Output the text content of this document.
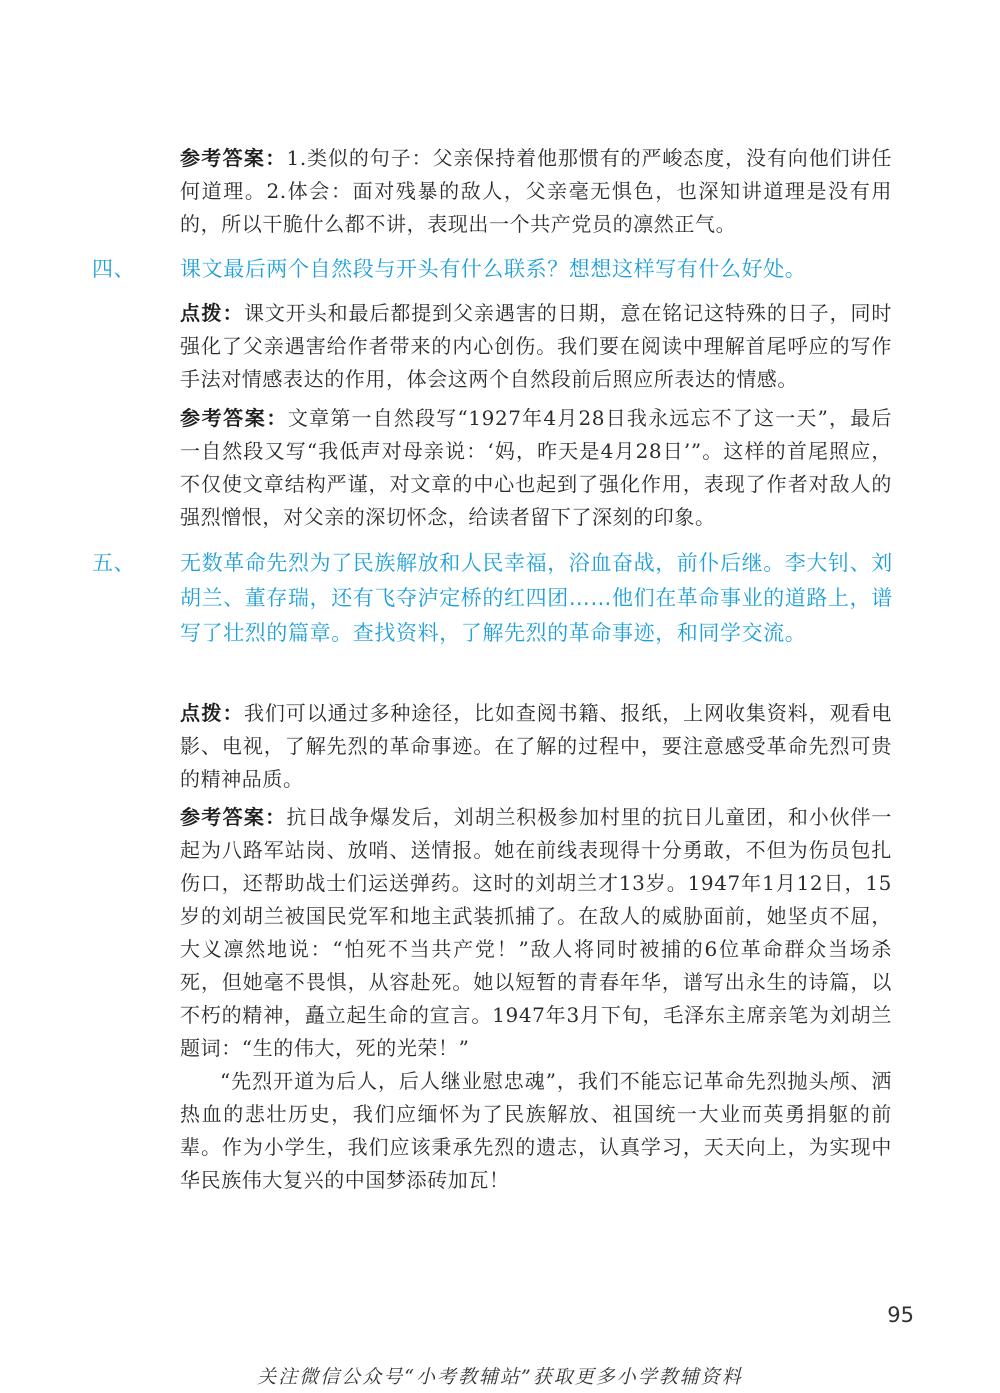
参考答案：1.类似的句子：父亲保持着他那惯有的严峻态度，没有向他们讲任何道理。2.体会：面对残暴的敌人，父亲毫无惧色，也深知讲道理是没有用的，所以干脆什么都不讲，表现出一个共产党员的凛然正气。
四、 课文最后两个自然段与开头有什么联系？想想这样写有什么好处。
点拨：课文开头和最后都提到父亲遇害的日期，意在铭记这特殊的日子，同时强化了父亲遇害给作者带来的内心创伤。我们要在阅读中理解首尾呼应的写作手法对情感表达的作用，体会这两个自然段前后照应所表达的情感。
参考答案：文章第一自然段写“1927年4月28日我永远忘不了这一天”，最后一自然段又写“我低声对母亲说：‘妈，昨天是4月28日’”。这样的首尾照应，不仅使文章结构严谨，对文章的中心也起到了强化作用，表现了作者对敌人的强烈憎恨，对父亲的深切怀念，给读者留下了深刻的印象。
五、 无数革命先烈为了民族解放和人民幸福，浴血奋战，前仆后继。李大钊、刘胡兰、董存瑞，还有飞夺泸定桥的红四团……他们在革命事业的道路上，谱写了壮烈的篇章。查找资料，了解先烈的革命事迹，和同学交流。
点拨：我们可以通过多种途径，比如查阅书籍、报纸，上网收集资料，观看电影、电视，了解先烈的革命事迹。在了解的过程中，要注意感受革命先烈可贵的精神品质。
参考答案：抗日战争爆发后，刘胡兰积极参加村里的抗日儿童团，和小伙伴一起为八路军站岗、放哨、送情报。她在前线表现得十分勇敢，不但为伤员包扎伤口，还帮助战士们运送弹药。这时的刘胡兰才13岁。1947年1月12日，15岁的刘胡兰被国民党军和地主武装抓捕了。在敌人的威胁面前，她坚贞不屈，大义凛然地说：“怕死不当共产党！”敌人将同时被捕的6位革命群众当场杀死，但她毫不畏惧，从容赴死。她以短暂的青春年华，谱写出永生的诗篇，以不朽的精神，矗立起生命的宣言。1947年3月下旬，毛泽东主席亲笔为刘胡兰题词：“生的伟大，死的光荣！”
“先烈开道为后人，后人继业慰忠魂”，我们不能忘记革命先烈抛头颅、洒热血的悲壮历史，我们应缅怀为了民族解放、祖国统一大业而英勇捐躯的前辈。作为小学生，我们应该秉承先烈的遗志，认真学习，天天向上，为实现中华民族伟大复兴的中国梦添砖加瓦！
95
关注微信公众号“小考教辅站”获取更多小学教辅资料
